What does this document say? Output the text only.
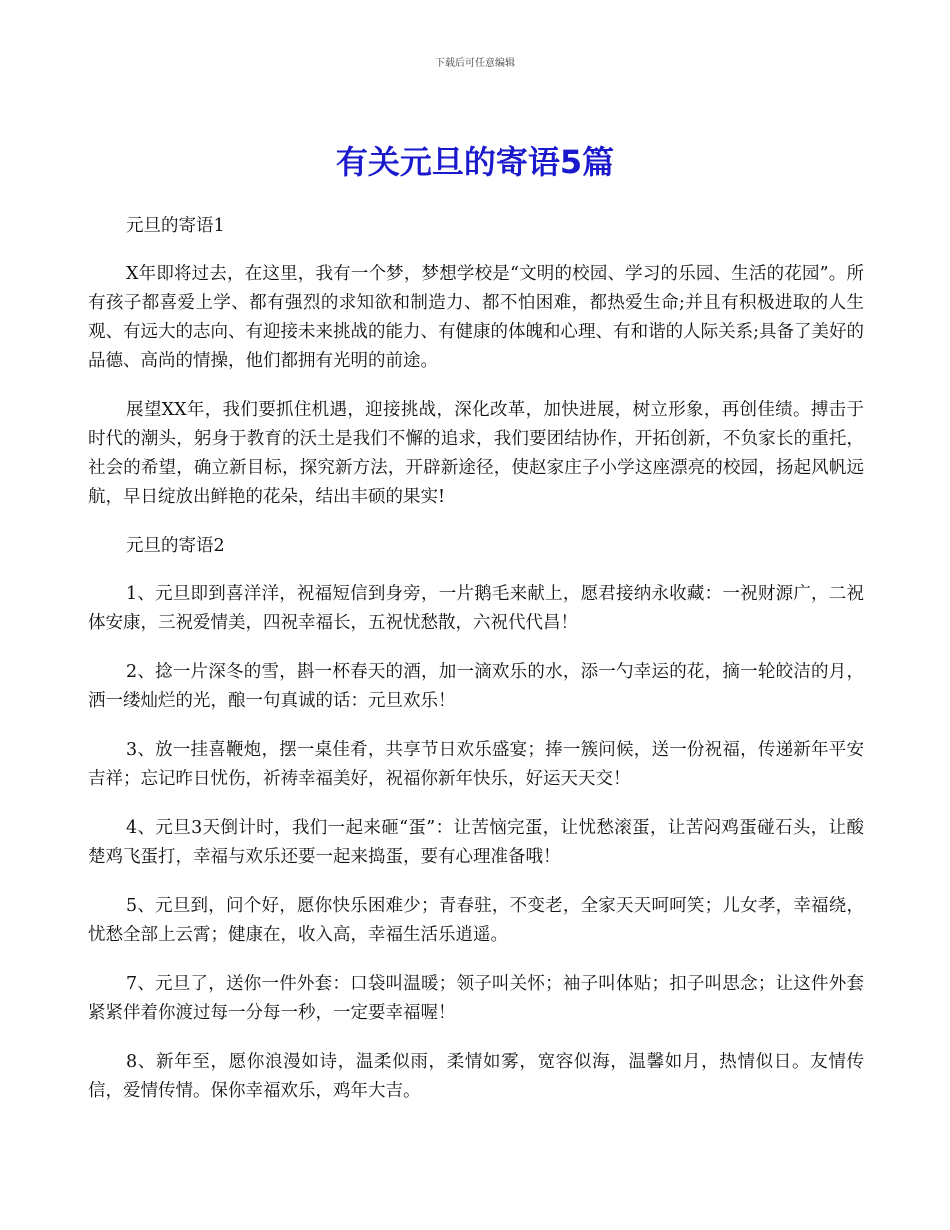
下载后可任意编辑
有关元旦的寄语5篇

元旦的寄语1

X年即将过去，在这里，我有一个梦，梦想学校是“文明的校园、学习的乐园、生活的花园”。所有孩子都喜爱上学、都有强烈的求知欲和制造力、都不怕困难，都热爱生命;并且有积极进取的人生观、有远大的志向、有迎接未来挑战的能力、有健康的体魄和心理、有和谐的人际关系;具备了美好的品德、高尚的情操，他们都拥有光明的前途。

展望XX年，我们要抓住机遇，迎接挑战，深化改革，加快进展，树立形象，再创佳绩。搏击于时代的潮头，躬身于教育的沃土是我们不懈的追求，我们要团结协作，开拓创新，不负家长的重托，社会的希望，确立新目标，探究新方法，开辟新途径，使赵家庄子小学这座漂亮的校园，扬起风帆远航，早日绽放出鲜艳的花朵，结出丰硕的果实!

元旦的寄语2

1、元旦即到喜洋洋，祝福短信到身旁，一片鹅毛来献上，愿君接纳永收藏：一祝财源广，二祝体安康，三祝爱情美，四祝幸福长，五祝忧愁散，六祝代代昌！

2、捻一片深冬的雪，斟一杯春天的酒，加一滴欢乐的水，添一勺幸运的花，摘一轮皎洁的月，洒一缕灿烂的光，酿一句真诚的话：元旦欢乐！

3、放一挂喜鞭炮，摆一桌佳肴，共享节日欢乐盛宴；捧一簇问候，送一份祝福，传递新年平安吉祥；忘记昨日忧伤，祈祷幸福美好，祝福你新年快乐，好运天天交！

4、元旦3天倒计时，我们一起来砸“蛋”：让苦恼完蛋，让忧愁滚蛋，让苦闷鸡蛋碰石头，让酸楚鸡飞蛋打，幸福与欢乐还要一起来捣蛋，要有心理准备哦！

5、元旦到，问个好，愿你快乐困难少；青春驻，不变老，全家天天呵呵笑；儿女孝，幸福绕，忧愁全部上云霄；健康在，收入高，幸福生活乐逍遥。

7、元旦了，送你一件外套：口袋叫温暖；领子叫关怀；袖子叫体贴；扣子叫思念；让这件外套紧紧伴着你渡过每一分每一秒，一定要幸福喔！

8、新年至，愿你浪漫如诗，温柔似雨，柔情如雾，宽容似海，温馨如月，热情似日。友情传信，爱情传情。保你幸福欢乐，鸡年大吉。
